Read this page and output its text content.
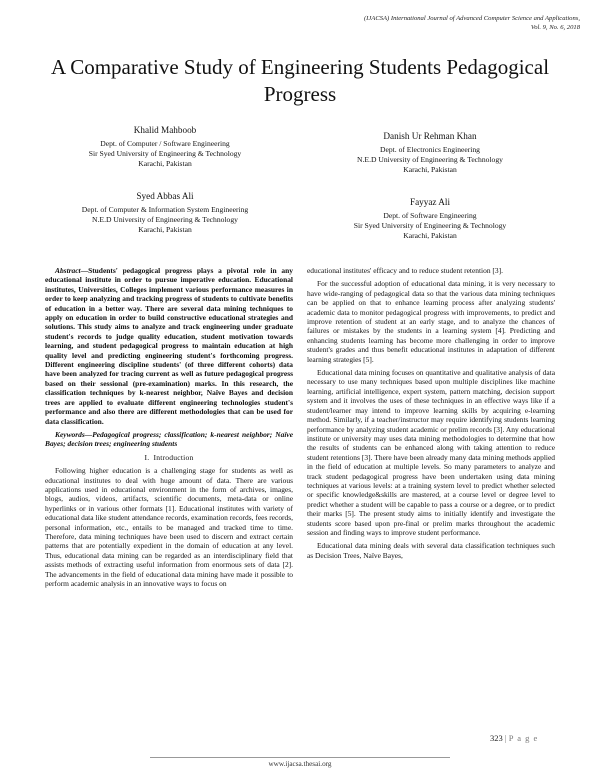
(IJACSA) International Journal of Advanced Computer Science and Applications,
Vol. 9, No. 6, 2018
A Comparative Study of Engineering Students Pedagogical Progress
Khalid Mahboob
Dept. of Computer / Software Engineering
Sir Syed University of Engineering & Technology
Karachi, Pakistan
Danish Ur Rehman Khan
Dept. of Electronics Engineering
N.E.D University of Engineering & Technology
Karachi, Pakistan
Syed Abbas Ali
Dept. of Computer & Information System Engineering
N.E.D University of Engineering & Technology
Karachi, Pakistan
Fayyaz Ali
Dept. of Software Engineering
Sir Syed University of Engineering & Technology
Karachi, Pakistan

Abstract—Students' pedagogical progress plays a pivotal role in any educational institute in order to pursue imperative education. Educational institutes, Universities, Colleges implement various performance measures in order to keep analyzing and tracking progress of students to cultivate benefits of education in a better way. There are several data mining techniques to apply on education in order to build constructive educational strategies and solutions. This study aims to analyze and track engineering under graduate student's records to judge quality education, student motivation towards learning, and student pedagogical progress to maintain education at high quality level and predicting engineering student's forthcoming progress. Different engineering discipline students' (of three different cohorts) data have been analyzed for tracing current as well as future pedagogical progress based on their sessional (pre-examination) marks. In this research, the classification techniques by k-nearest neighbor, Naïve Bayes and decision trees are applied to evaluate different engineering technologies student's performance and also there are different methodologies that can be used for data classification.

Keywords—Pedagogical progress; classification; k-nearest neighbor; Naïve Bayes; decision trees; engineering students

I. Introduction

Following higher education is a challenging stage for students as well as educational institutes to deal with huge amount of data. There are various applications used in educational environment in the form of archives, images, blogs, audios, videos, artifacts, scientific documents, meta-data or online hyperlinks or in various other formats [1]. Educational institutes with variety of educational data like student attendance records, examination records, fees records, personal information, etc., entails to be managed and tracked time to time. Therefore, data mining techniques have been used to discern and extract certain patterns that are potentially expedient in the domain of education at any level. Thus, educational data mining can be regarded as an interdisciplinary field that assists methods of extracting useful information from enormous sets of data [2]. The advancements in the field of educational data mining have made it possible to perform academic analysis in an innovative ways to focus on

educational institutes' efficacy and to reduce student retention [3].

For the successful adoption of educational data mining, it is very necessary to have wide-ranging of pedagogical data so that the various data mining techniques can be applied on that to enhance learning process after analyzing students' academic data to monitor pedagogical progress with improvements, to predict and improve retention of student at an early stage, and to analyze the chances of failures or mistakes by the students in a learning system [4]. Predicting and enhancing students learning has become more challenging in order to improve student's grades and thus benefit educational institutes in adaptation of different learning strategies [5].

Educational data mining focuses on quantitative and qualitative analysis of data necessary to use many techniques based upon multiple disciplines like machine learning, artificial intelligence, expert system, pattern matching, decision support system and it involves the uses of these techniques in an effective ways like if a student/learner may intend to improve learning skills by acquiring e-learning method. Similarly, if a teacher/instructor may require identifying students learning performance by analyzing student academic or prelim records [3]. Any educational institute or university may uses data mining methodologies to determine that how the results of students can be enhanced along with taking attention to reduce student retentions [3]. There have been already many data mining methods applied in the field of education at multiple levels. So many parameters to analyze and track student pedagogical progress have been undertaken using data mining techniques at various levels: at a training system level to predict whether selected or specific knowledge&skills are mastered, at a course level or degree level to predict whether a student will be capable to pass a course or a degree, or to predict their marks [5]. The present study aims to initially identify and investigate the students score based upon pre-final or prelim marks throughout the academic session and finding ways to improve student performance.

Educational data mining deals with several data classification techniques such as Decision Trees, Naïve Bayes,

323 | P a g e
www.ijacsa.thesai.org
